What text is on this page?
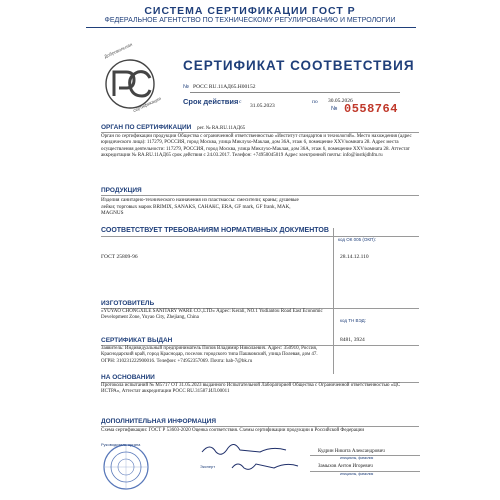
СИСТЕМА СЕРТИФИКАЦИИ ГОСТ Р
ФЕДЕРАЛЬНОЕ АГЕНТСТВО ПО ТЕХНИЧЕСКОМУ РЕГУЛИРОВАНИЮ И МЕТРОЛОГИИ
Добровольная
сертификация
СЕРТИФИКАТ СООТВЕТСТВИЯ
№ РОСС RU.11АД65.Н00152
Срок действия с
31.05.2023
по 30.05.2026
№ 0558764
ОРГАН ПО СЕРТИФИКАЦИИ рег. № RA.RU.11АД65
Орган по сертификации продукции Общества с ограниченной ответственностью «Институт стандартов и технологий». Место нахождения (адрес юридического лица): 117279, РОССИЯ, город Москва, улица Миклухо-Маклая, дом 36А, этаж 6, помещение XXV/комната 28. Адрес места осуществления деятельности: 117279, РОССИЯ, город Москва, улица Миклухо-Маклая, дом 36А, этаж 6, помещение XXV/комната 28. Аттестат аккредитации № RA.RU.11АД65 срок действия с 24.03.2017. Телефон: +74950045019 Адрес электронной почты: info@instkjdhfm.ru
ПРОДУКЦИЯ
Изделия санитарно-технического назначения из пластмассы: смесители; краны; душевые лейки; торговых марок BRIMIX, SANAKS, САНАКС, ERA, GF mark, GF frank, MAK, MAGNUS
СООТВЕТСТВУЕТ ТРЕБОВАНИЯМ НОРМАТИВНЫХ ДОКУМЕНТОВ
ГОСТ 25809-96
код ОК 005 (ОКП):
28.14.12.110
код ТН ВЭД:
8481, 3924
ИЗГОТОВИТЕЛЬ
«YUYAO CHONGXILE SANITARY WARE CO.,LTD» Адрес: Kerali, NO.1 Yudiantou Road East Economic Development Zone, Yuyao City, Zhejiang, China
СЕРТИФИКАТ ВЫДАН
Заявитель: Индивидуальный предприниматель Попов Владимир Николаевич. Адрес: 350910, Россия, Краснодарский край, город Краснодар, поселок городского типа Пашковский, улица Полевая, дом 47. ОГРН: 310231222900016. Телефон: +74952357069. Почта: hab-7@bk.ru
НА ОСНОВАНИИ
Протокола испытаний № М5717 ОТ 31.05.2023 выданного Испытательной Лабораторией Общества с Ограниченной ответственностью «ЦС ИСТРА», Аттестат аккредитации РОСС RU.31587.ИЛ.00011
ДОПОЛНИТЕЛЬНАЯ ИНФОРМАЦИЯ
Схема сертификации: ГОСТ Р 53603-2020 Оценка соответствия. Схемы сертификации продукции в Российской Федерации
Руководитель органа
Кудрин Никита Александрович
инициалы, фамилия
Эксперт	Замыхов Антон Игоревич
инициалы, фамилия
